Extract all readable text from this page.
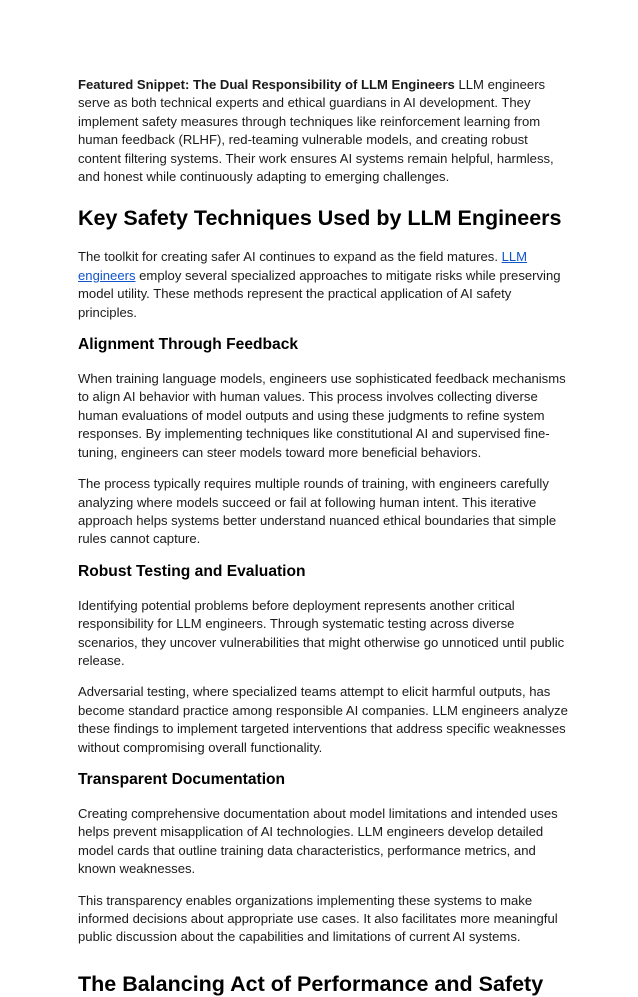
Featured Snippet: The Dual Responsibility of LLM Engineers LLM engineers serve as both technical experts and ethical guardians in AI development. They implement safety measures through techniques like reinforcement learning from human feedback (RLHF), red-teaming vulnerable models, and creating robust content filtering systems. Their work ensures AI systems remain helpful, harmless, and honest while continuously adapting to emerging challenges.

Key Safety Techniques Used by LLM Engineers

The toolkit for creating safer AI continues to expand as the field matures. LLM engineers employ several specialized approaches to mitigate risks while preserving model utility. These methods represent the practical application of AI safety principles.

Alignment Through Feedback

When training language models, engineers use sophisticated feedback mechanisms to align AI behavior with human values. This process involves collecting diverse human evaluations of model outputs and using these judgments to refine system responses. By implementing techniques like constitutional AI and supervised fine-tuning, engineers can steer models toward more beneficial behaviors.

The process typically requires multiple rounds of training, with engineers carefully analyzing where models succeed or fail at following human intent. This iterative approach helps systems better understand nuanced ethical boundaries that simple rules cannot capture.

Robust Testing and Evaluation

Identifying potential problems before deployment represents another critical responsibility for LLM engineers. Through systematic testing across diverse scenarios, they uncover vulnerabilities that might otherwise go unnoticed until public release.

Adversarial testing, where specialized teams attempt to elicit harmful outputs, has become standard practice among responsible AI companies. LLM engineers analyze these findings to implement targeted interventions that address specific weaknesses without compromising overall functionality.

Transparent Documentation

Creating comprehensive documentation about model limitations and intended uses helps prevent misapplication of AI technologies. LLM engineers develop detailed model cards that outline training data characteristics, performance metrics, and known weaknesses.

This transparency enables organizations implementing these systems to make informed decisions about appropriate use cases. It also facilitates more meaningful public discussion about the capabilities and limitations of current AI systems.

The Balancing Act of Performance and Safety
